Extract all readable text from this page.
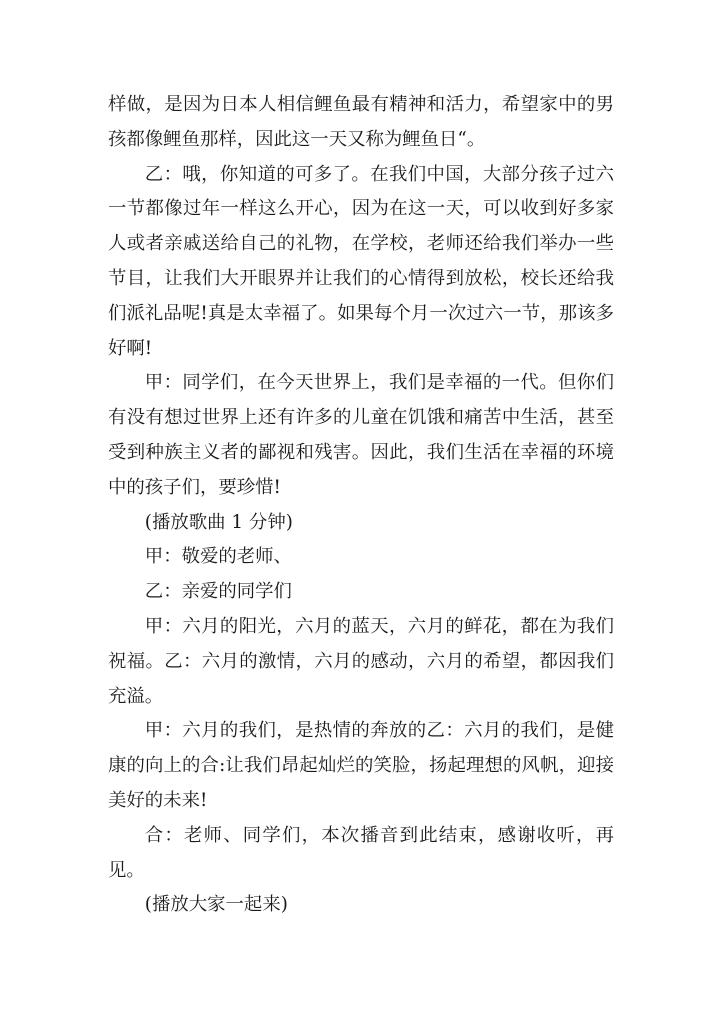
样做，是因为日本人相信鲤鱼最有精神和活力，希望家中的男孩都像鲤鱼那样，因此这一天又称为鲤鱼日“。

乙：哦，你知道的可多了。在我们中国，大部分孩子过六一节都像过年一样这么开心，因为在这一天，可以收到好多家人或者亲戚送给自己的礼物，在学校，老师还给我们举办一些节目，让我们大开眼界并让我们的心情得到放松，校长还给我们派礼品呢!真是太幸福了。如果每个月一次过六一节，那该多好啊!

甲：同学们，在今天世界上，我们是幸福的一代。但你们有没有想过世界上还有许多的儿童在饥饿和痛苦中生活，甚至受到种族主义者的鄙视和残害。因此，我们生活在幸福的环境中的孩子们，要珍惜!

(播放歌曲 1 分钟)

甲：敬爱的老师、

乙：亲爱的同学们

甲：六月的阳光，六月的蓝天，六月的鲜花，都在为我们祝福。乙：六月的激情，六月的感动，六月的希望，都因我们充溢。

甲：六月的我们，是热情的奔放的乙：六月的我们，是健康的向上的合:让我们昂起灿烂的笑脸，扬起理想的风帆，迎接美好的未来!

合：老师、同学们，本次播音到此结束，感谢收听，再见。

(播放大家一起来)
